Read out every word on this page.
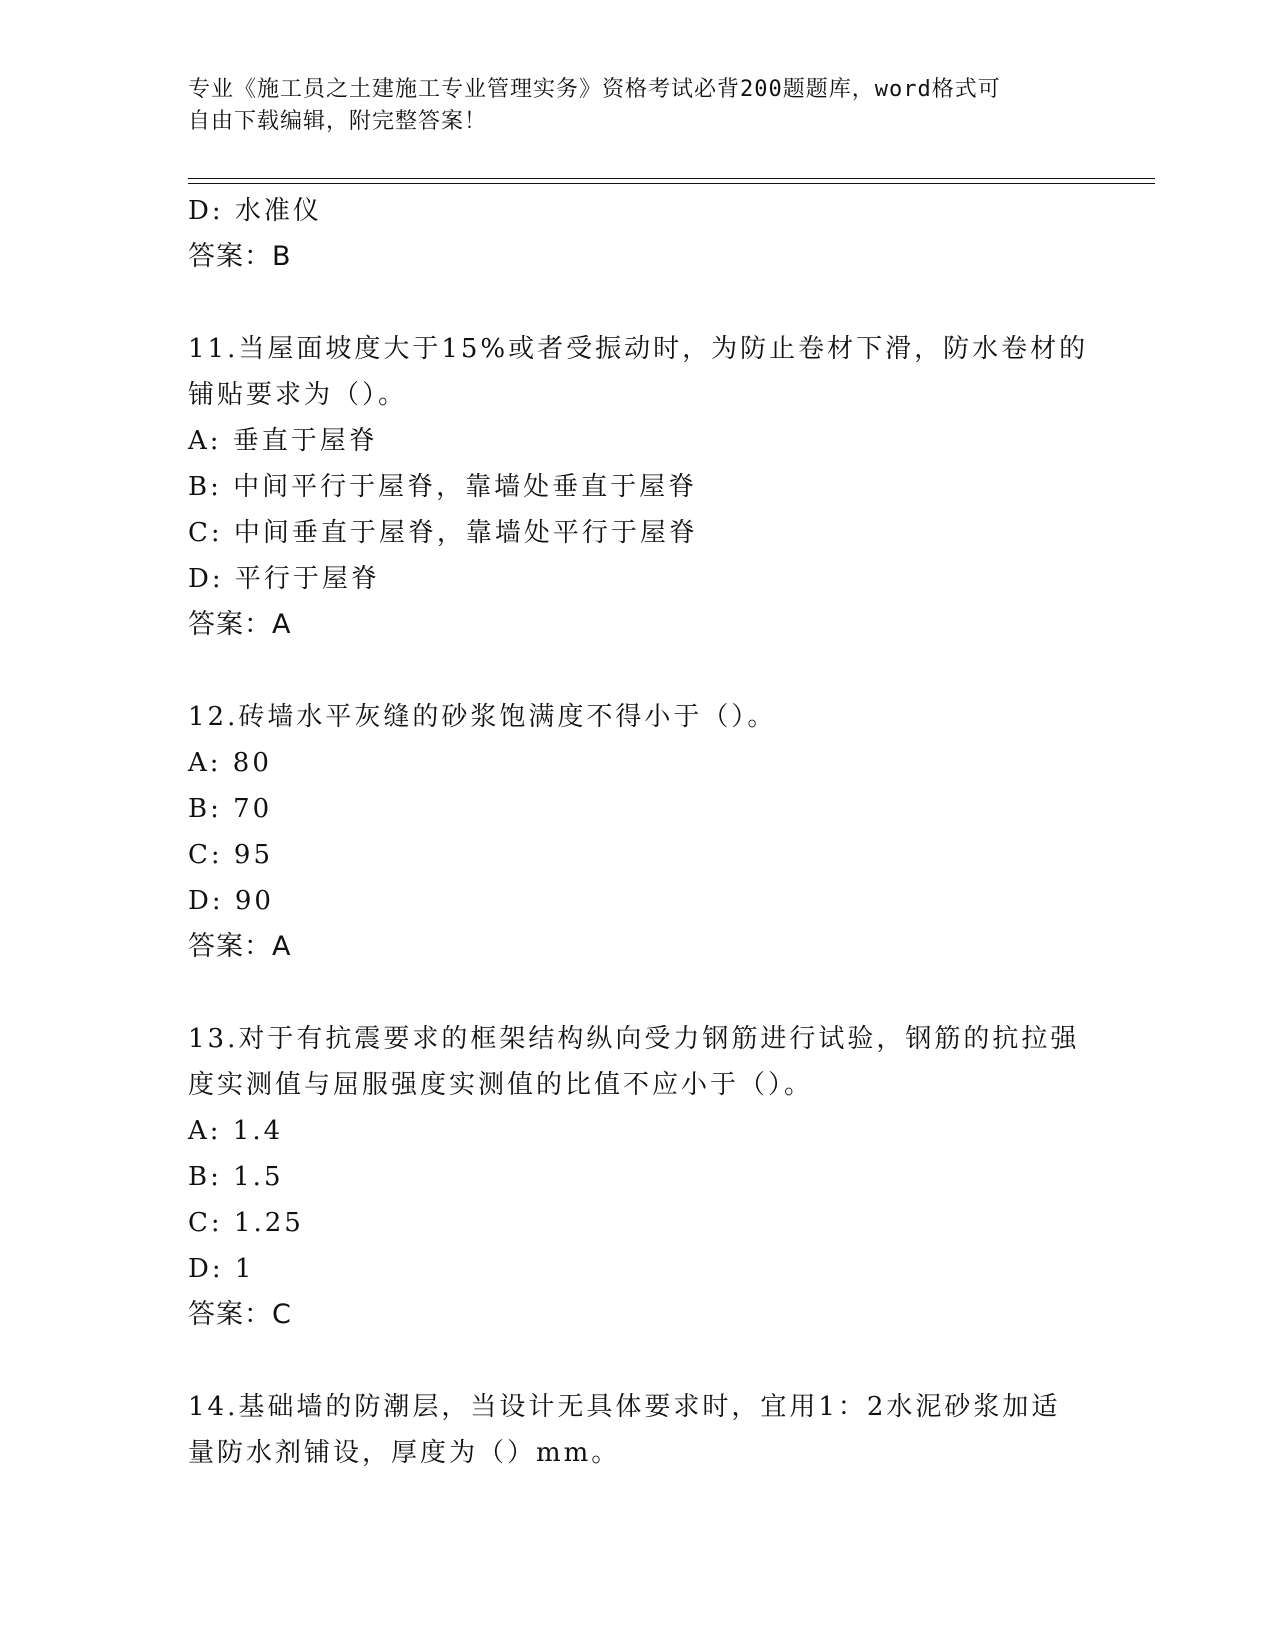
专业《施工员之土建施工专业管理实务》资格考试必背200题题库，word格式可
自由下载编辑，附完整答案！
D: 水准仪
答案：B
11.当屋面坡度大于15%或者受振动时，为防止卷材下滑，防水卷材的
铺贴要求为（）。
A: 垂直于屋脊
B: 中间平行于屋脊，靠墙处垂直于屋脊
C: 中间垂直于屋脊，靠墙处平行于屋脊
D: 平行于屋脊
答案：A
12.砖墙水平灰缝的砂浆饱满度不得小于（）。
A: 80
B: 70
C: 95
D: 90
答案：A
13.对于有抗震要求的框架结构纵向受力钢筋进行试验，钢筋的抗拉强
度实测值与屈服强度实测值的比值不应小于（）。
A: 1.4
B: 1.5
C: 1.25
D: 1
答案：C
14.基础墙的防潮层，当设计无具体要求时，宜用1：2水泥砂浆加适
量防水剂铺设，厚度为（）mm。
